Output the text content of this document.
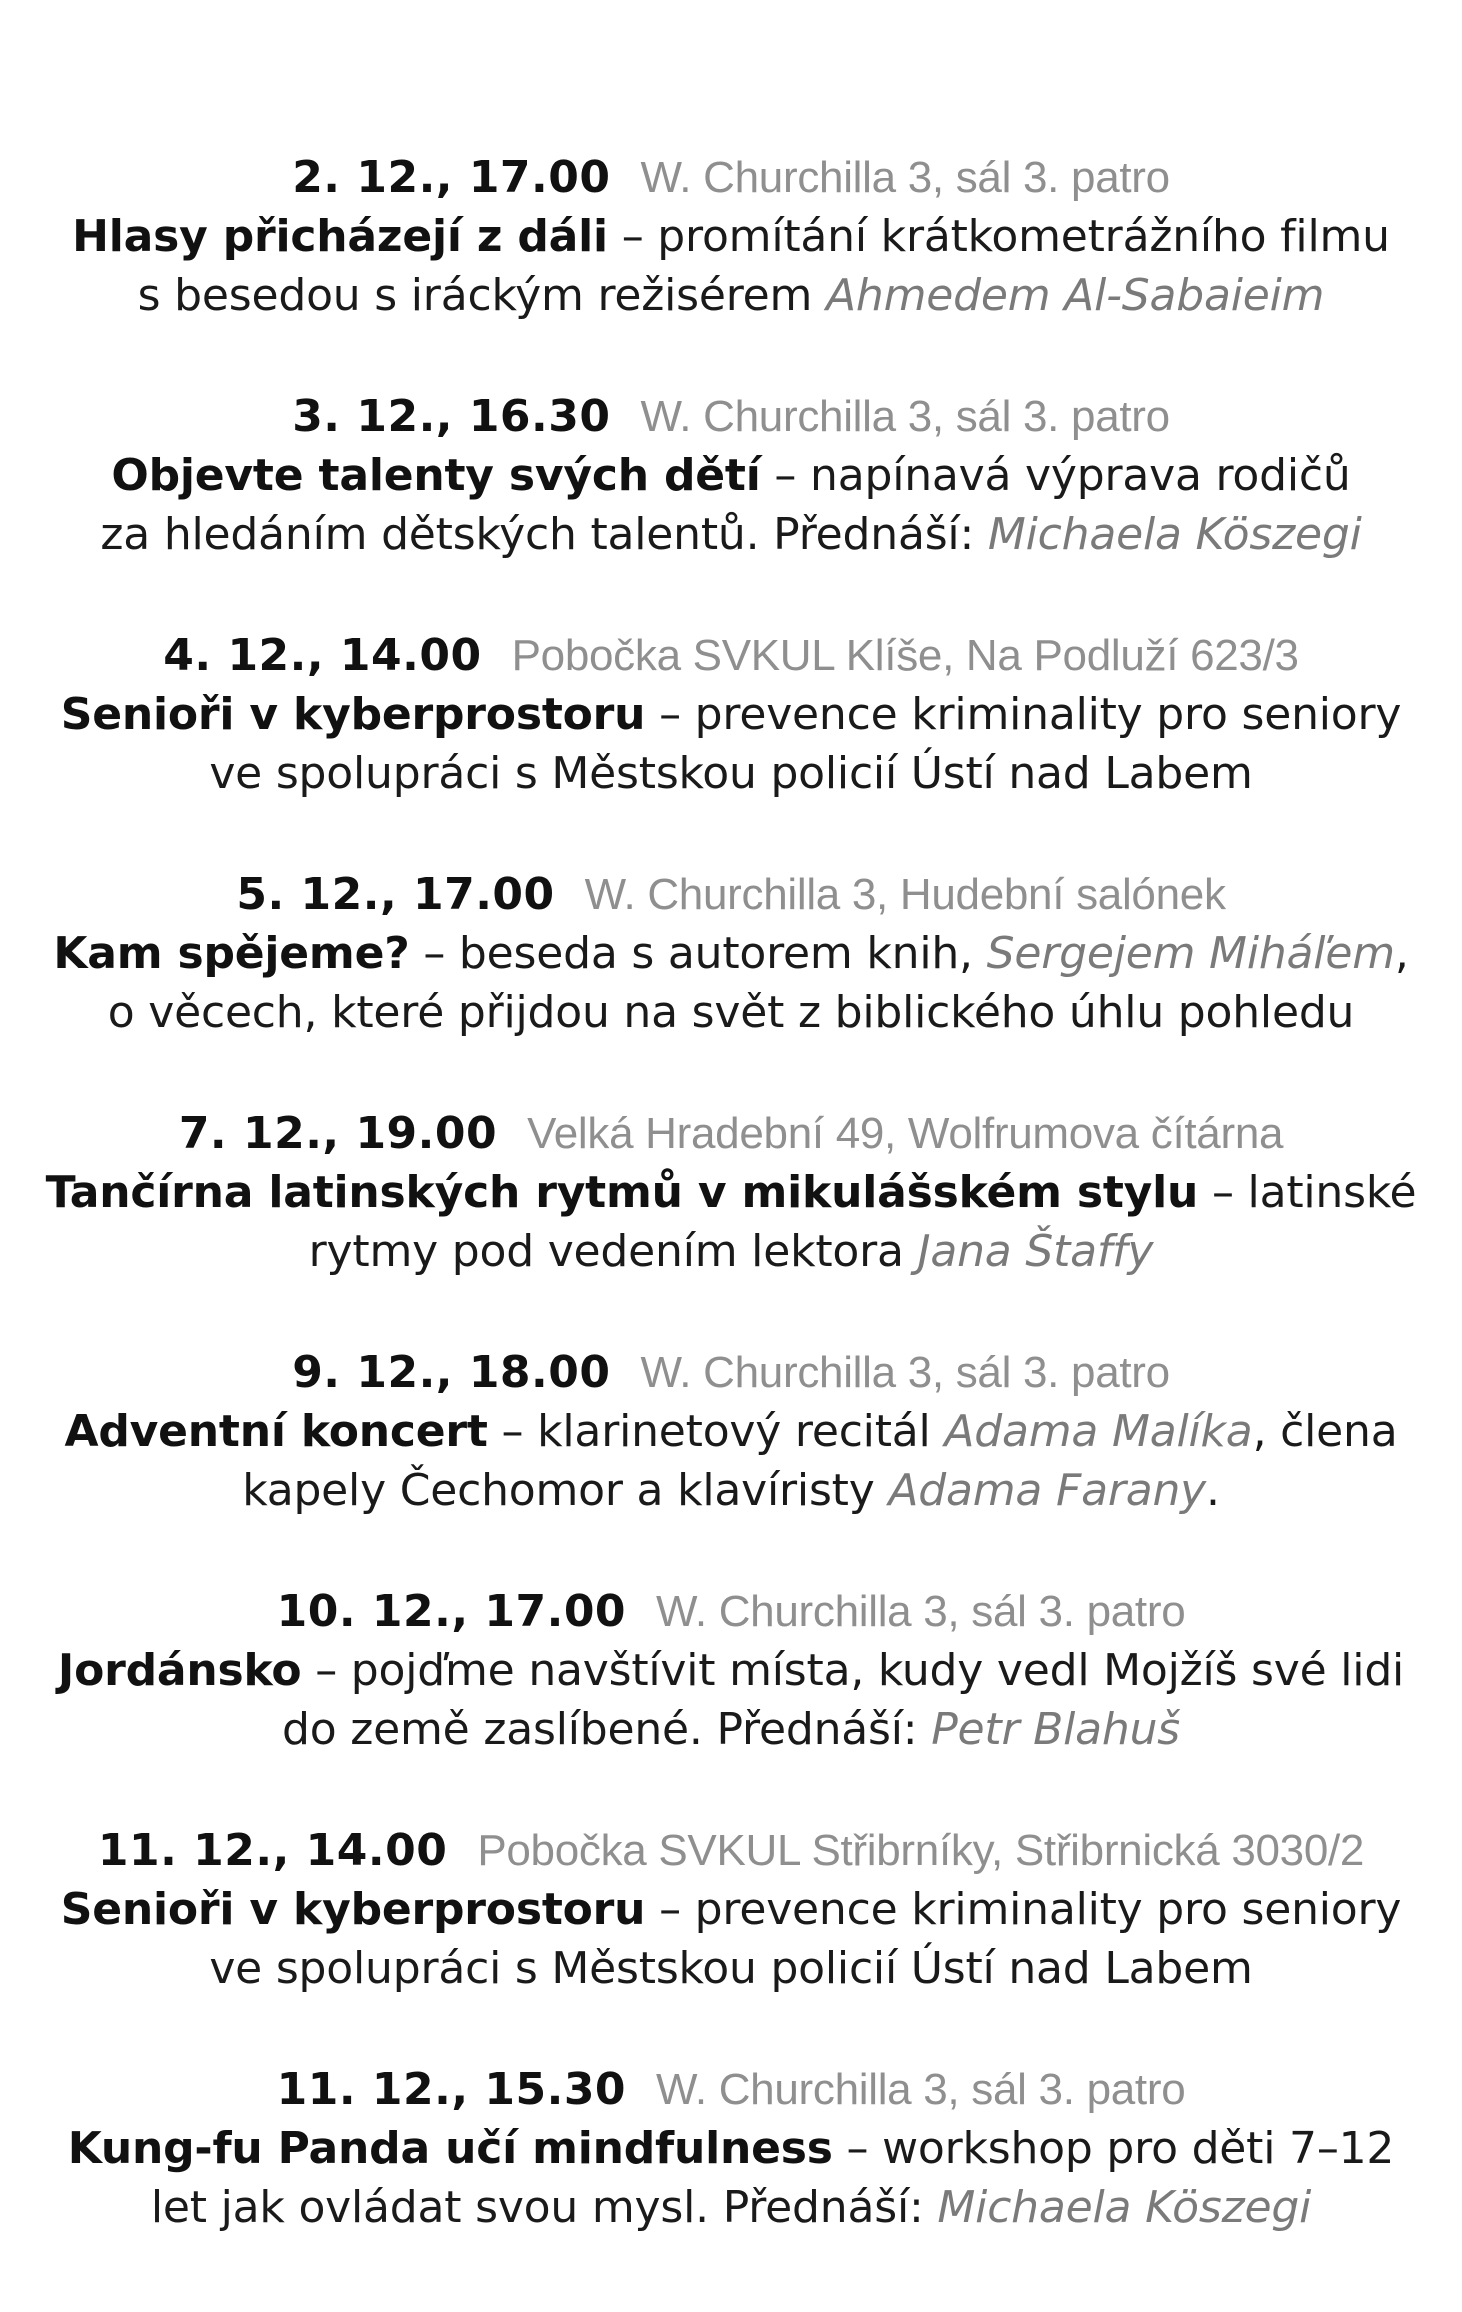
2. 12., 17.00 W. Churchilla 3, sál 3. patro
Hlasy přicházejí z dáli – promítání krátkometrážního filmu
s besedou s iráckým režisérem Ahmedem Al-Sabaieim
3. 12., 16.30 W. Churchilla 3, sál 3. patro
Objevte talenty svých dětí – napínavá výprava rodičů
za hledáním dětských talentů. Přednáší: Michaela Köszegi
4. 12., 14.00 Pobočka SVKUL Klíše, Na Podluží 623/3
Senioři v kyberprostoru – prevence kriminality pro seniory
ve spolupráci s Městskou policií Ústí nad Labem
5. 12., 17.00 W. Churchilla 3, Hudební salónek
Kam spějeme? – beseda s autorem knih, Sergejem Miháľem,
o věcech, které přijdou na svět z biblického úhlu pohledu
7. 12., 19.00 Velká Hradební 49, Wolfrumova čítárna
Tančírna latinských rytmů v mikulášském stylu – latinské
rytmy pod vedením lektora Jana Štaffy
9. 12., 18.00 W. Churchilla 3, sál 3. patro
Adventní koncert – klarinetový recitál Adama Malíka, člena
kapely Čechomor a klavíristy Adama Farany.
10. 12., 17.00 W. Churchilla 3, sál 3. patro
Jordánsko – pojďme navštívit místa, kudy vedl Mojžíš své lidi
do země zaslíbené. Přednáší: Petr Blahuš
11. 12., 14.00 Pobočka SVKUL Střibrníky, Střibrnická 3030/2
Senioři v kyberprostoru – prevence kriminality pro seniory
ve spolupráci s Městskou policií Ústí nad Labem
11. 12., 15.30 W. Churchilla 3, sál 3. patro
Kung-fu Panda učí mindfulness – workshop pro děti 7–12
let jak ovládat svou mysl. Přednáší: Michaela Köszegi
